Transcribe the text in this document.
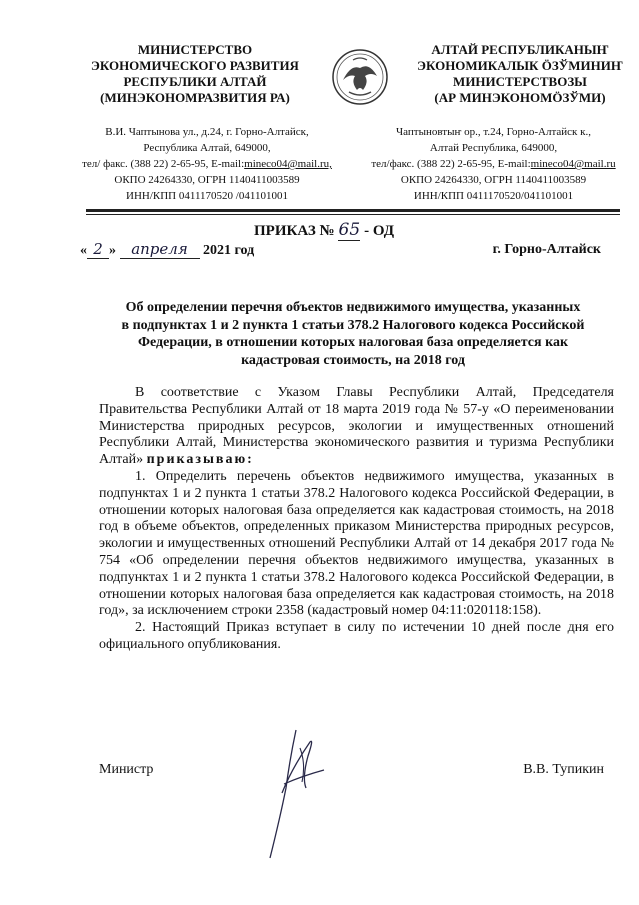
МИНИСТЕРСТВО
ЭКОНОМИЧЕСКОГО РАЗВИТИЯ
РЕСПУБЛИКИ АЛТАЙ
(МИНЭКОНОМРАЗВИТИЯ РА)
В.И. Чаптынова ул., д.24, г. Горно-Алтайск,
Республика Алтай, 649000,
тел/ факс. (388 22) 2-65-95, E-mail:mineco04@mail.ru,
ОКПО 24264330, ОГРН 1140411003589
ИНН/КПП 0411170520 /041101001
АЛТАЙ РЕСПУБЛИКАНЫҤ
ЭКОНОМИКАЛЫК ÖЗЎМИНИҤ
МИНИСТЕРСТВОЗЫ
(АР МИНЭКОНОМÖЗЎМИ)
Чаптыновтыҥ ор., т.24, Горно-Алтайск к.,
Алтай Республика, 649000,
тел/факс. (388 22) 2-65-95, E-mail:mineco04@mail.ru
ОКПО 24264330, ОГРН 1140411003589
ИНН/КПП 0411170520/041101001
ПРИКАЗ № 65 - ОД
« 2 » апреля 2021 год	г. Горно-Алтайск
Об определении перечня объектов недвижимого имущества, указанных
в подпунктах 1 и 2 пункта 1 статьи 378.2 Налогового кодекса Российской
Федерации, в отношении которых налоговая база определяется как
кадастровая стоимость, на 2018 год

В соответствие с Указом Главы Республики Алтай, Председателя Правительства Республики Алтай от 18 марта 2019 года № 57-у «О переименовании Министерства природных ресурсов, экологии и имущественных отношений Республики Алтай, Министерства экономического развития и туризма Республики Алтай» приказываю:

1. Определить перечень объектов недвижимого имущества, указанных в подпунктах 1 и 2 пункта 1 статьи 378.2 Налогового кодекса Российской Федерации, в отношении которых налоговая база определяется как кадастровая стоимость, на 2018 год в объеме объектов, определенных приказом Министерства природных ресурсов, экологии и имущественных отношений Республики Алтай от 14 декабря 2017 года № 754 «Об определении перечня объектов недвижимого имущества, указанных в подпунктах 1 и 2 пункта 1 статьи 378.2 Налогового кодекса Российской Федерации, в отношении которых налоговая база определяется как кадастровая стоимость, на 2018 год», за исключением строки 2358 (кадастровый номер 04:11:020118:158).

2. Настоящий Приказ вступает в силу по истечении 10 дней после дня его официального опубликования.

Министр	В.В. Тупикин
